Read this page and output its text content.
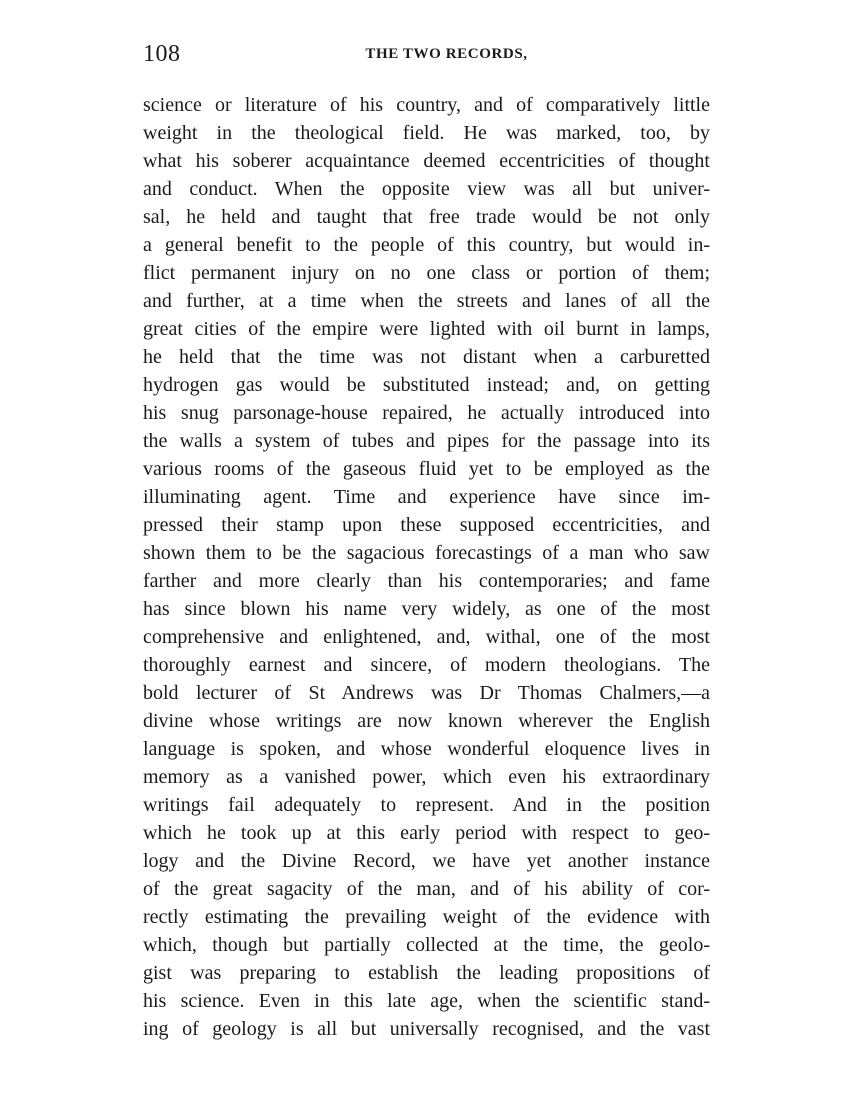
108	THE TWO RECORDS,
science or literature of his country, and of comparatively little
weight in the theological field. He was marked, too, by
what his soberer acquaintance deemed eccentricities of thought
and conduct. When the opposite view was all but univer-
sal, he held and taught that free trade would be not only
a general benefit to the people of this country, but would in-
flict permanent injury on no one class or portion of them;
and further, at a time when the streets and lanes of all the
great cities of the empire were lighted with oil burnt in lamps,
he held that the time was not distant when a carburetted
hydrogen gas would be substituted instead; and, on getting
his snug parsonage-house repaired, he actually introduced into
the walls a system of tubes and pipes for the passage into its
various rooms of the gaseous fluid yet to be employed as the
illuminating agent. Time and experience have since im-
pressed their stamp upon these supposed eccentricities, and
shown them to be the sagacious forecastings of a man who saw
farther and more clearly than his contemporaries; and fame
has since blown his name very widely, as one of the most
comprehensive and enlightened, and, withal, one of the most
thoroughly earnest and sincere, of modern theologians. The
bold lecturer of St Andrews was Dr Thomas Chalmers,—a
divine whose writings are now known wherever the English
language is spoken, and whose wonderful eloquence lives in
memory as a vanished power, which even his extraordinary
writings fail adequately to represent. And in the position
which he took up at this early period with respect to geo-
logy and the Divine Record, we have yet another instance
of the great sagacity of the man, and of his ability of cor-
rectly estimating the prevailing weight of the evidence with
which, though but partially collected at the time, the geolo-
gist was preparing to establish the leading propositions of
his science. Even in this late age, when the scientific stand-
ing of geology is all but universally recognised, and the vast
